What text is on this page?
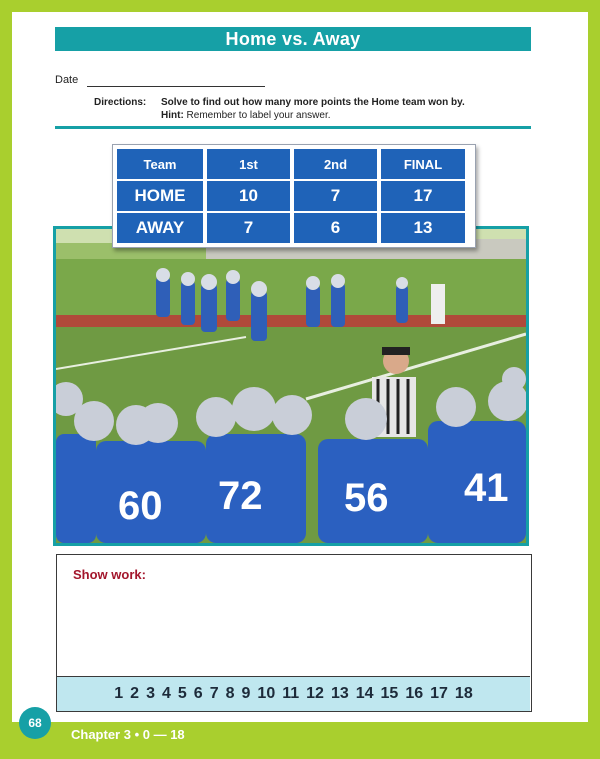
Home vs. Away
Date
Directions: Solve to find out how many more points the Home team won by.
Hint: Remember to label your answer.
60 72 56 41
Team	1st	2nd	FINAL
HOME	10	7	17
AWAY	7	6	13
Show work:
1 2 3 4 5 6 7 8 9 10 11 12 13 14 15 16 17 18
68
Chapter 3 • 0 — 18
